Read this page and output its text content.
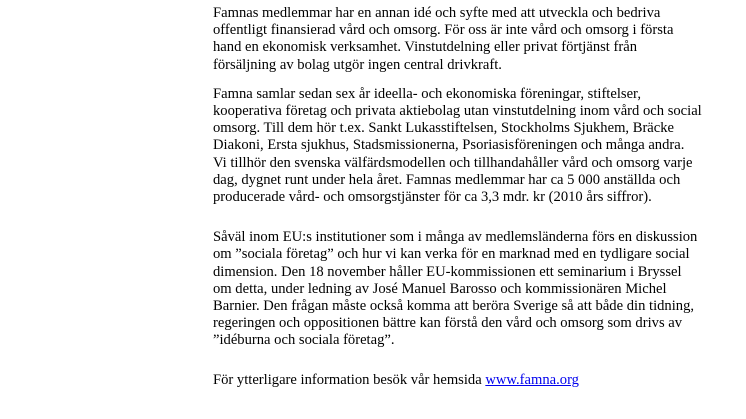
Famnas medlemmar har en annan idé och syfte med att utveckla och bedriva offentligt finansierad vård och omsorg. För oss är inte vård och omsorg i första hand en ekonomisk verksamhet. Vinstutdelning eller privat förtjänst från försäljning av bolag utgör ingen central drivkraft.

Famna samlar sedan sex år ideella- och ekonomiska föreningar, stiftelser, kooperativa företag och privata aktiebolag utan vinstutdelning inom vård och social omsorg. Till dem hör t.ex. Sankt Lukasstiftelsen, Stockholms Sjukhem, Bräcke Diakoni, Ersta sjukhus, Stadsmissionerna, Psoriasisföreningen och många andra.

Vi tillhör den svenska välfärdsmodellen och tillhandahåller vård och omsorg varje dag, dygnet runt under hela året. Famnas medlemmar har ca 5 000 anställda och producerade vård- och omsorgstjänster för ca 3,3 mdr. kr (2010 års siffror).

Såväl inom EU:s institutioner som i många av medlemsländerna förs en diskussion om ”sociala företag” och hur vi kan verka för en marknad med en tydligare social dimension. Den 18 november håller EU-kommissionen ett seminarium i Bryssel om detta, under ledning av José Manuel Barosso och kommissionären Michel Barnier. Den frågan måste också komma att beröra Sverige så att både din tidning, regeringen och oppositionen bättre kan förstå den vård och omsorg som drivs av ”idéburna och sociala företag”.

För ytterligare information besök vår hemsida www.famna.org
